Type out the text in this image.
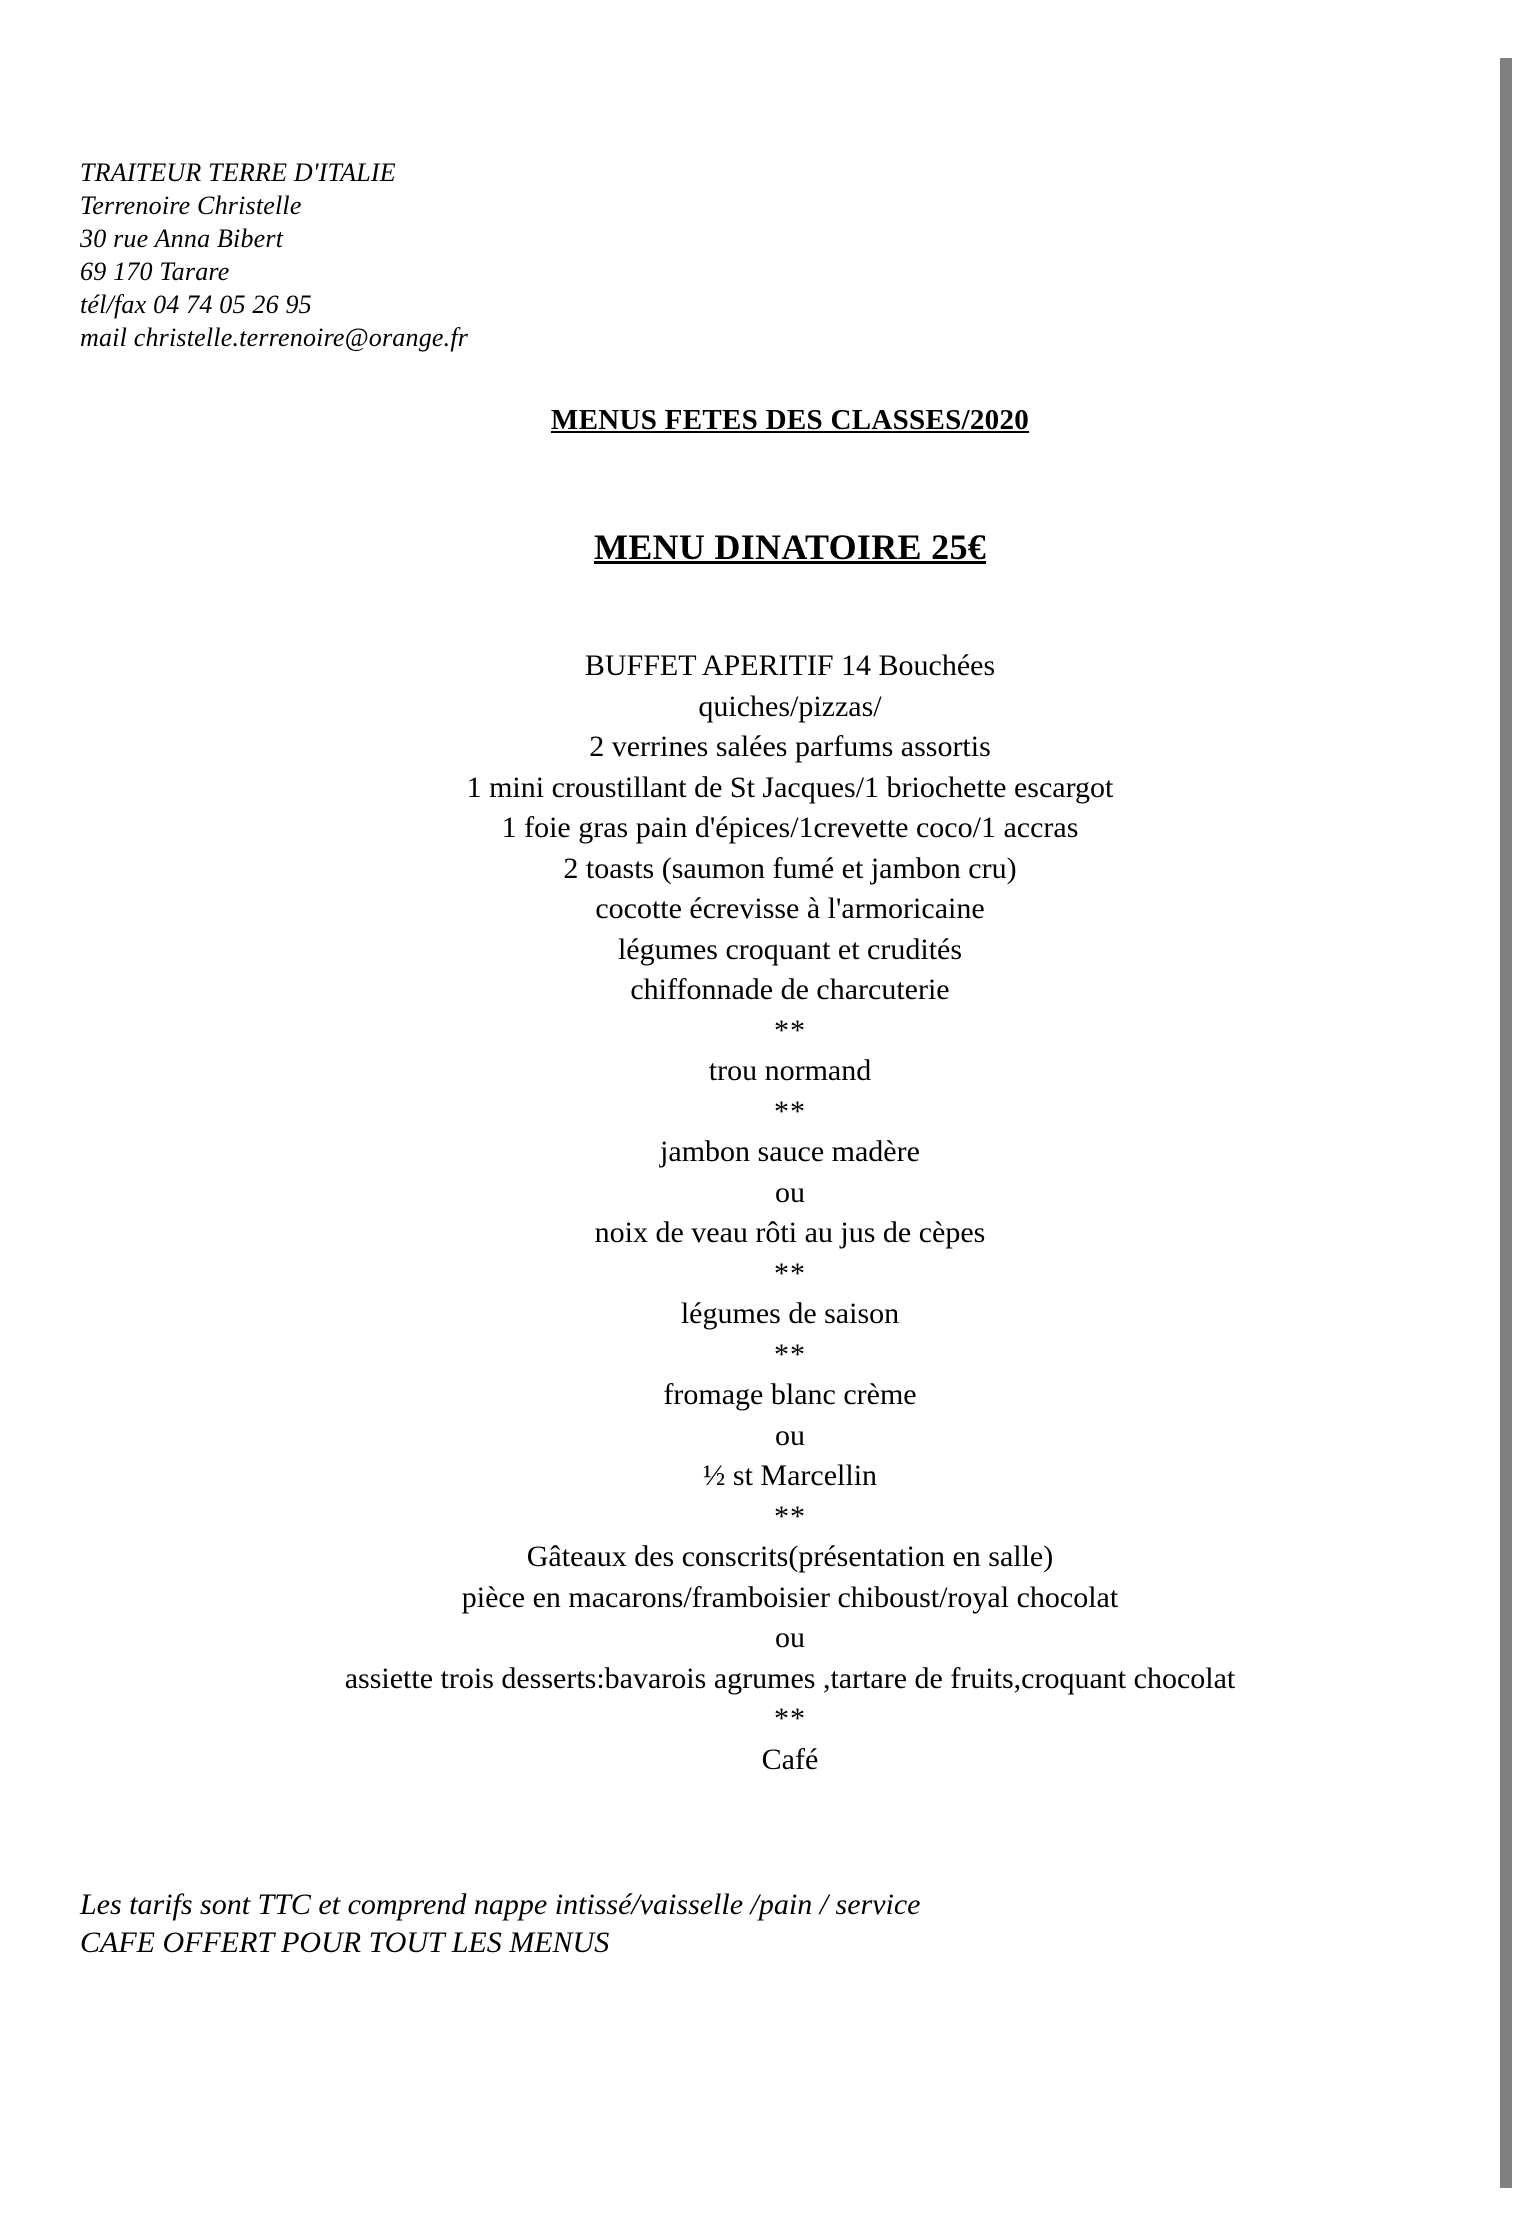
TRAITEUR TERRE D'ITALIE
Terrenoire Christelle
30 rue Anna Bibert
69 170 Tarare
tél/fax 04 74 05 26 95
mail christelle.terrenoire@orange.fr
MENUS FETES DES CLASSES/2020
MENU DINATOIRE 25€
BUFFET APERITIF 14 Bouchées
quiches/pizzas/
2 verrines salées parfums assortis
1 mini croustillant de St Jacques/1 briochette escargot
1 foie gras pain d'épices/1crevette coco/1 accras
2 toasts (saumon fumé et jambon cru)
cocotte écrevisse à l'armoricaine
légumes croquant et crudités
chiffonnade de charcuterie
**
trou normand
**
jambon sauce madère
ou
noix de veau rôti au jus de cèpes
**
légumes de saison
**
fromage blanc crème
ou
½ st Marcellin
**
Gâteaux des conscrits(présentation en salle)
pièce en macarons/framboisier chiboust/royal chocolat
ou
assiette trois desserts:bavarois agrumes ,tartare de fruits,croquant chocolat
**
Café
Les tarifs sont TTC et comprend nappe intissé/vaisselle /pain / service
CAFE OFFERT POUR TOUT LES MENUS
